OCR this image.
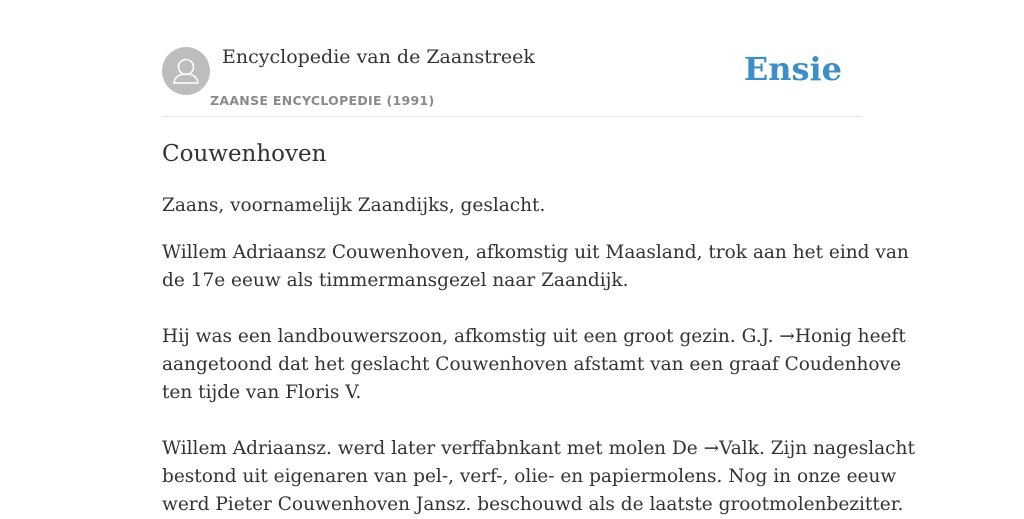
Encyclopedie van de Zaanstreek
ZAANSE ENCYCLOPEDIE (1991)
Ensie
Couwenhoven

Zaans, voornamelijk Zaandijks, geslacht.

Willem Adriaansz Couwenhoven, afkomstig uit Maasland, trok aan het eind van
de 17e eeuw als timmermansgezel naar Zaandijk.

Hij was een landbouwerszoon, afkomstig uit een groot gezin. G.J. →Honig heeft
aangetoond dat het geslacht Couwenhoven afstamt van een graaf Coudenhove
ten tijde van Floris V.

Willem Adriaansz. werd later verffabnkant met molen De →Valk. Zijn nageslacht
bestond uit eigenaren van pel-, verf-, olie- en papiermolens. Nog in onze eeuw
werd Pieter Couwenhoven Jansz. beschouwd als de laatste grootmolenbezitter.
